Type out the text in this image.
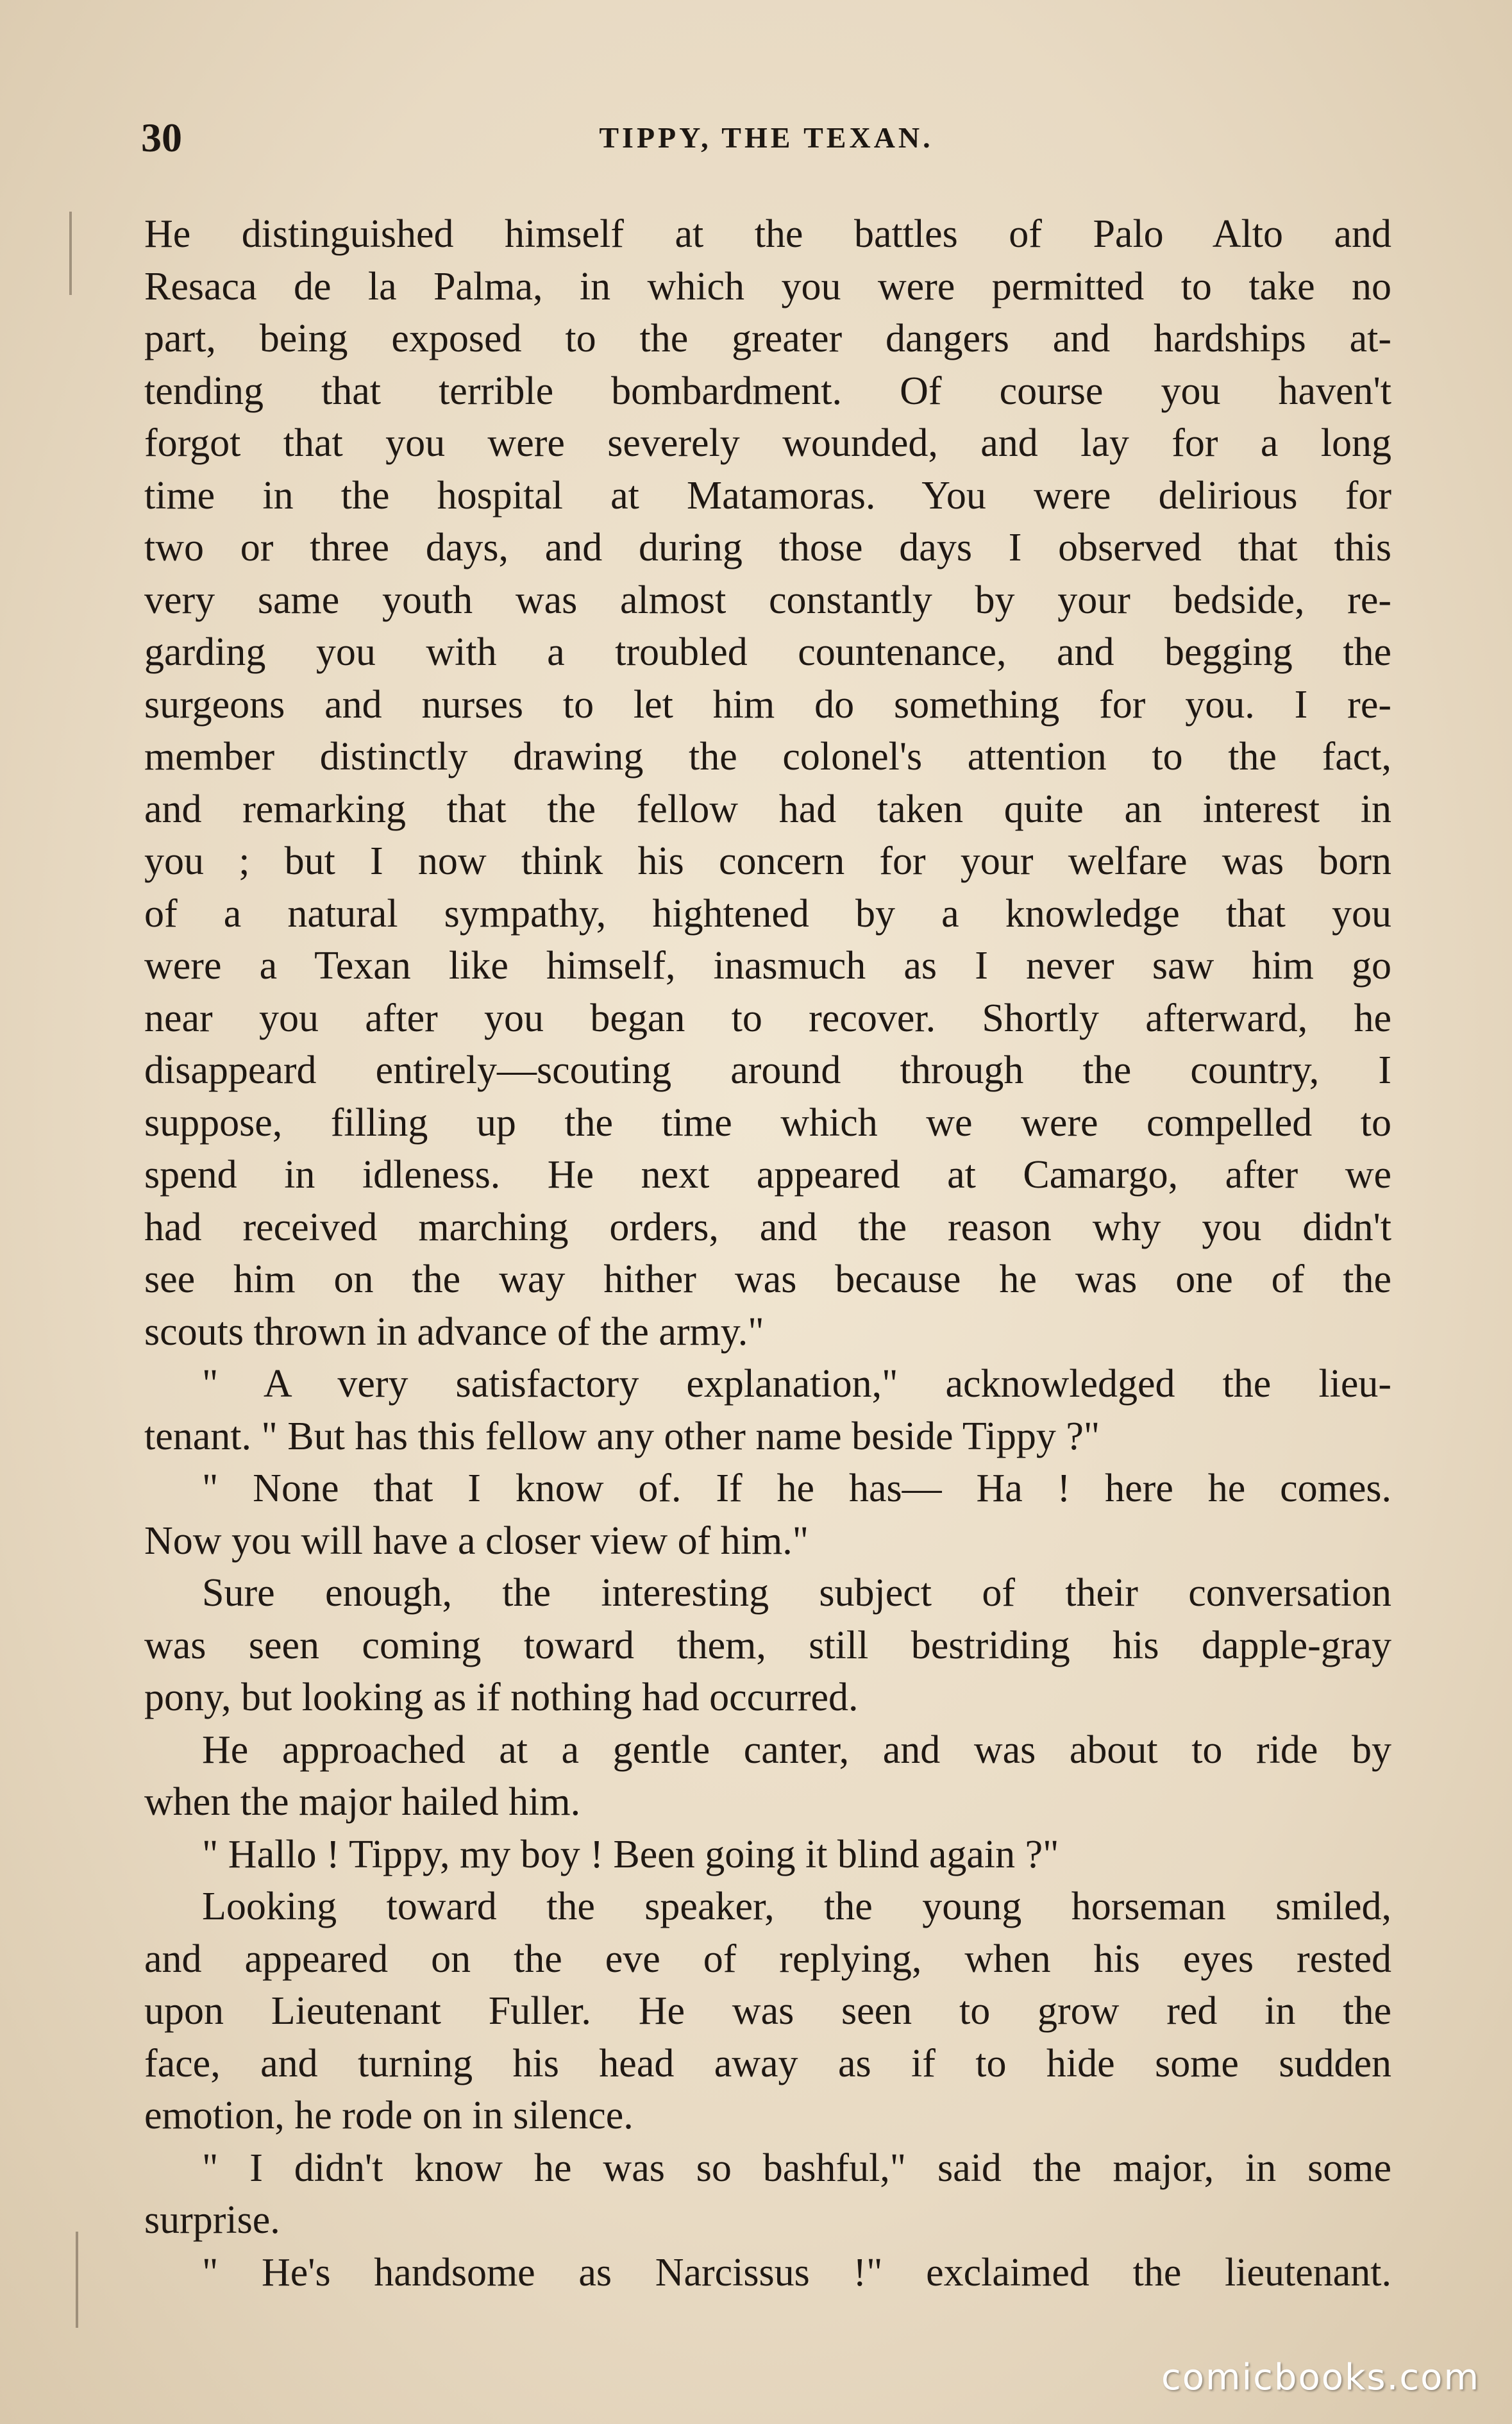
30	TIPPY, THE TEXAN.
He distinguished himself at the battles of Palo Alto and
Resaca de la Palma, in which you were permitted to take no
part, being exposed to the greater dangers and hardships at-
tending that terrible bombardment. Of course you haven't
forgot that you were severely wounded, and lay for a long
time in the hospital at Matamoras. You were delirious for
two or three days, and during those days I observed that this
very same youth was almost constantly by your bedside, re-
garding you with a troubled countenance, and begging the
surgeons and nurses to let him do something for you. I re-
member distinctly drawing the colonel's attention to the fact,
and remarking that the fellow had taken quite an interest in
you ; but I now think his concern for your welfare was born
of a natural sympathy, hightened by a knowledge that you
were a Texan like himself, inasmuch as I never saw him go
near you after you began to recover. Shortly afterward, he
disappeard entirely—scouting around through the country, I
suppose, filling up the time which we were compelled to
spend in idleness. He next appeared at Camargo, after we
had received marching orders, and the reason why you didn't
see him on the way hither was because he was one of the
scouts thrown in advance of the army."
" A very satisfactory explanation," acknowledged the lieu-
tenant. " But has this fellow any other name beside Tippy ?"
" None that I know of. If he has— Ha ! here he comes.
Now you will have a closer view of him."
Sure enough, the interesting subject of their conversation
was seen coming toward them, still bestriding his dapple-gray
pony, but looking as if nothing had occurred.
He approached at a gentle canter, and was about to ride by
when the major hailed him.
" Hallo ! Tippy, my boy ! Been going it blind again ?"
Looking toward the speaker, the young horseman smiled,
and appeared on the eve of replying, when his eyes rested
upon Lieutenant Fuller. He was seen to grow red in the
face, and turning his head away as if to hide some sudden
emotion, he rode on in silence.
" I didn't know he was so bashful," said the major, in some
surprise.
" He's handsome as Narcissus !" exclaimed the lieutenant.
comicbooks.com
